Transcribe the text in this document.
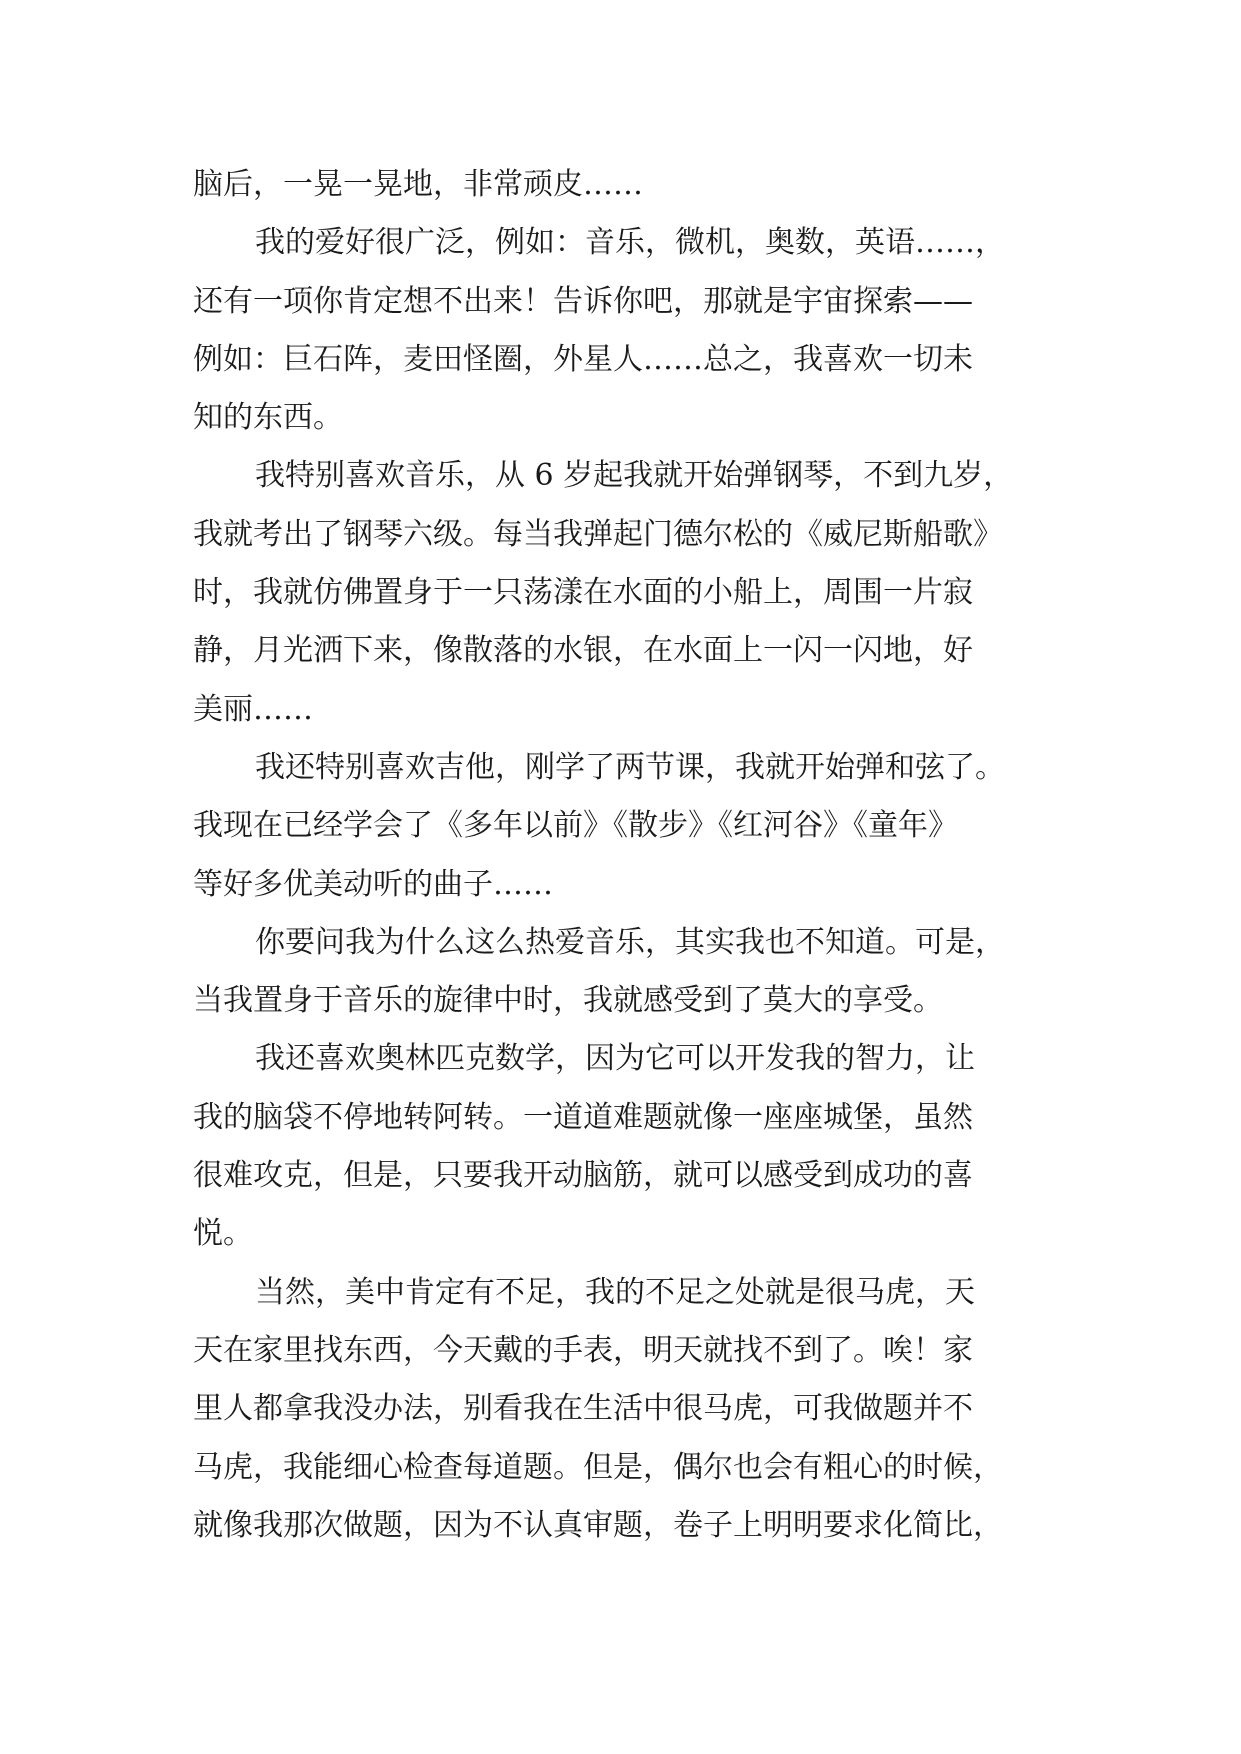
脑后，一晃一晃地，非常顽皮……
我的爱好很广泛，例如：音乐，微机，奥数，英语……，
还有一项你肯定想不出来！告诉你吧，那就是宇宙探索——
例如：巨石阵，麦田怪圈，外星人……总之，我喜欢一切未
知的东西。
我特别喜欢音乐，从 6 岁起我就开始弹钢琴，不到九岁，
我就考出了钢琴六级。每当我弹起门德尔松的《威尼斯船歌》
时，我就仿佛置身于一只荡漾在水面的小船上，周围一片寂
静，月光洒下来，像散落的水银，在水面上一闪一闪地，好
美丽……
我还特别喜欢吉他，刚学了两节课，我就开始弹和弦了。
我现在已经学会了《多年以前》《散步》《红河谷》《童年》
等好多优美动听的曲子……
你要问我为什么这么热爱音乐，其实我也不知道。可是，
当我置身于音乐的旋律中时，我就感受到了莫大的享受。
我还喜欢奥林匹克数学，因为它可以开发我的智力，让
我的脑袋不停地转阿转。一道道难题就像一座座城堡，虽然
很难攻克，但是，只要我开动脑筋，就可以感受到成功的喜
悦。
当然，美中肯定有不足，我的不足之处就是很马虎，天
天在家里找东西，今天戴的手表，明天就找不到了。唉！家
里人都拿我没办法，别看我在生活中很马虎，可我做题并不
马虎，我能细心检查每道题。但是，偶尔也会有粗心的时候，
就像我那次做题，因为不认真审题，卷子上明明要求化简比，
